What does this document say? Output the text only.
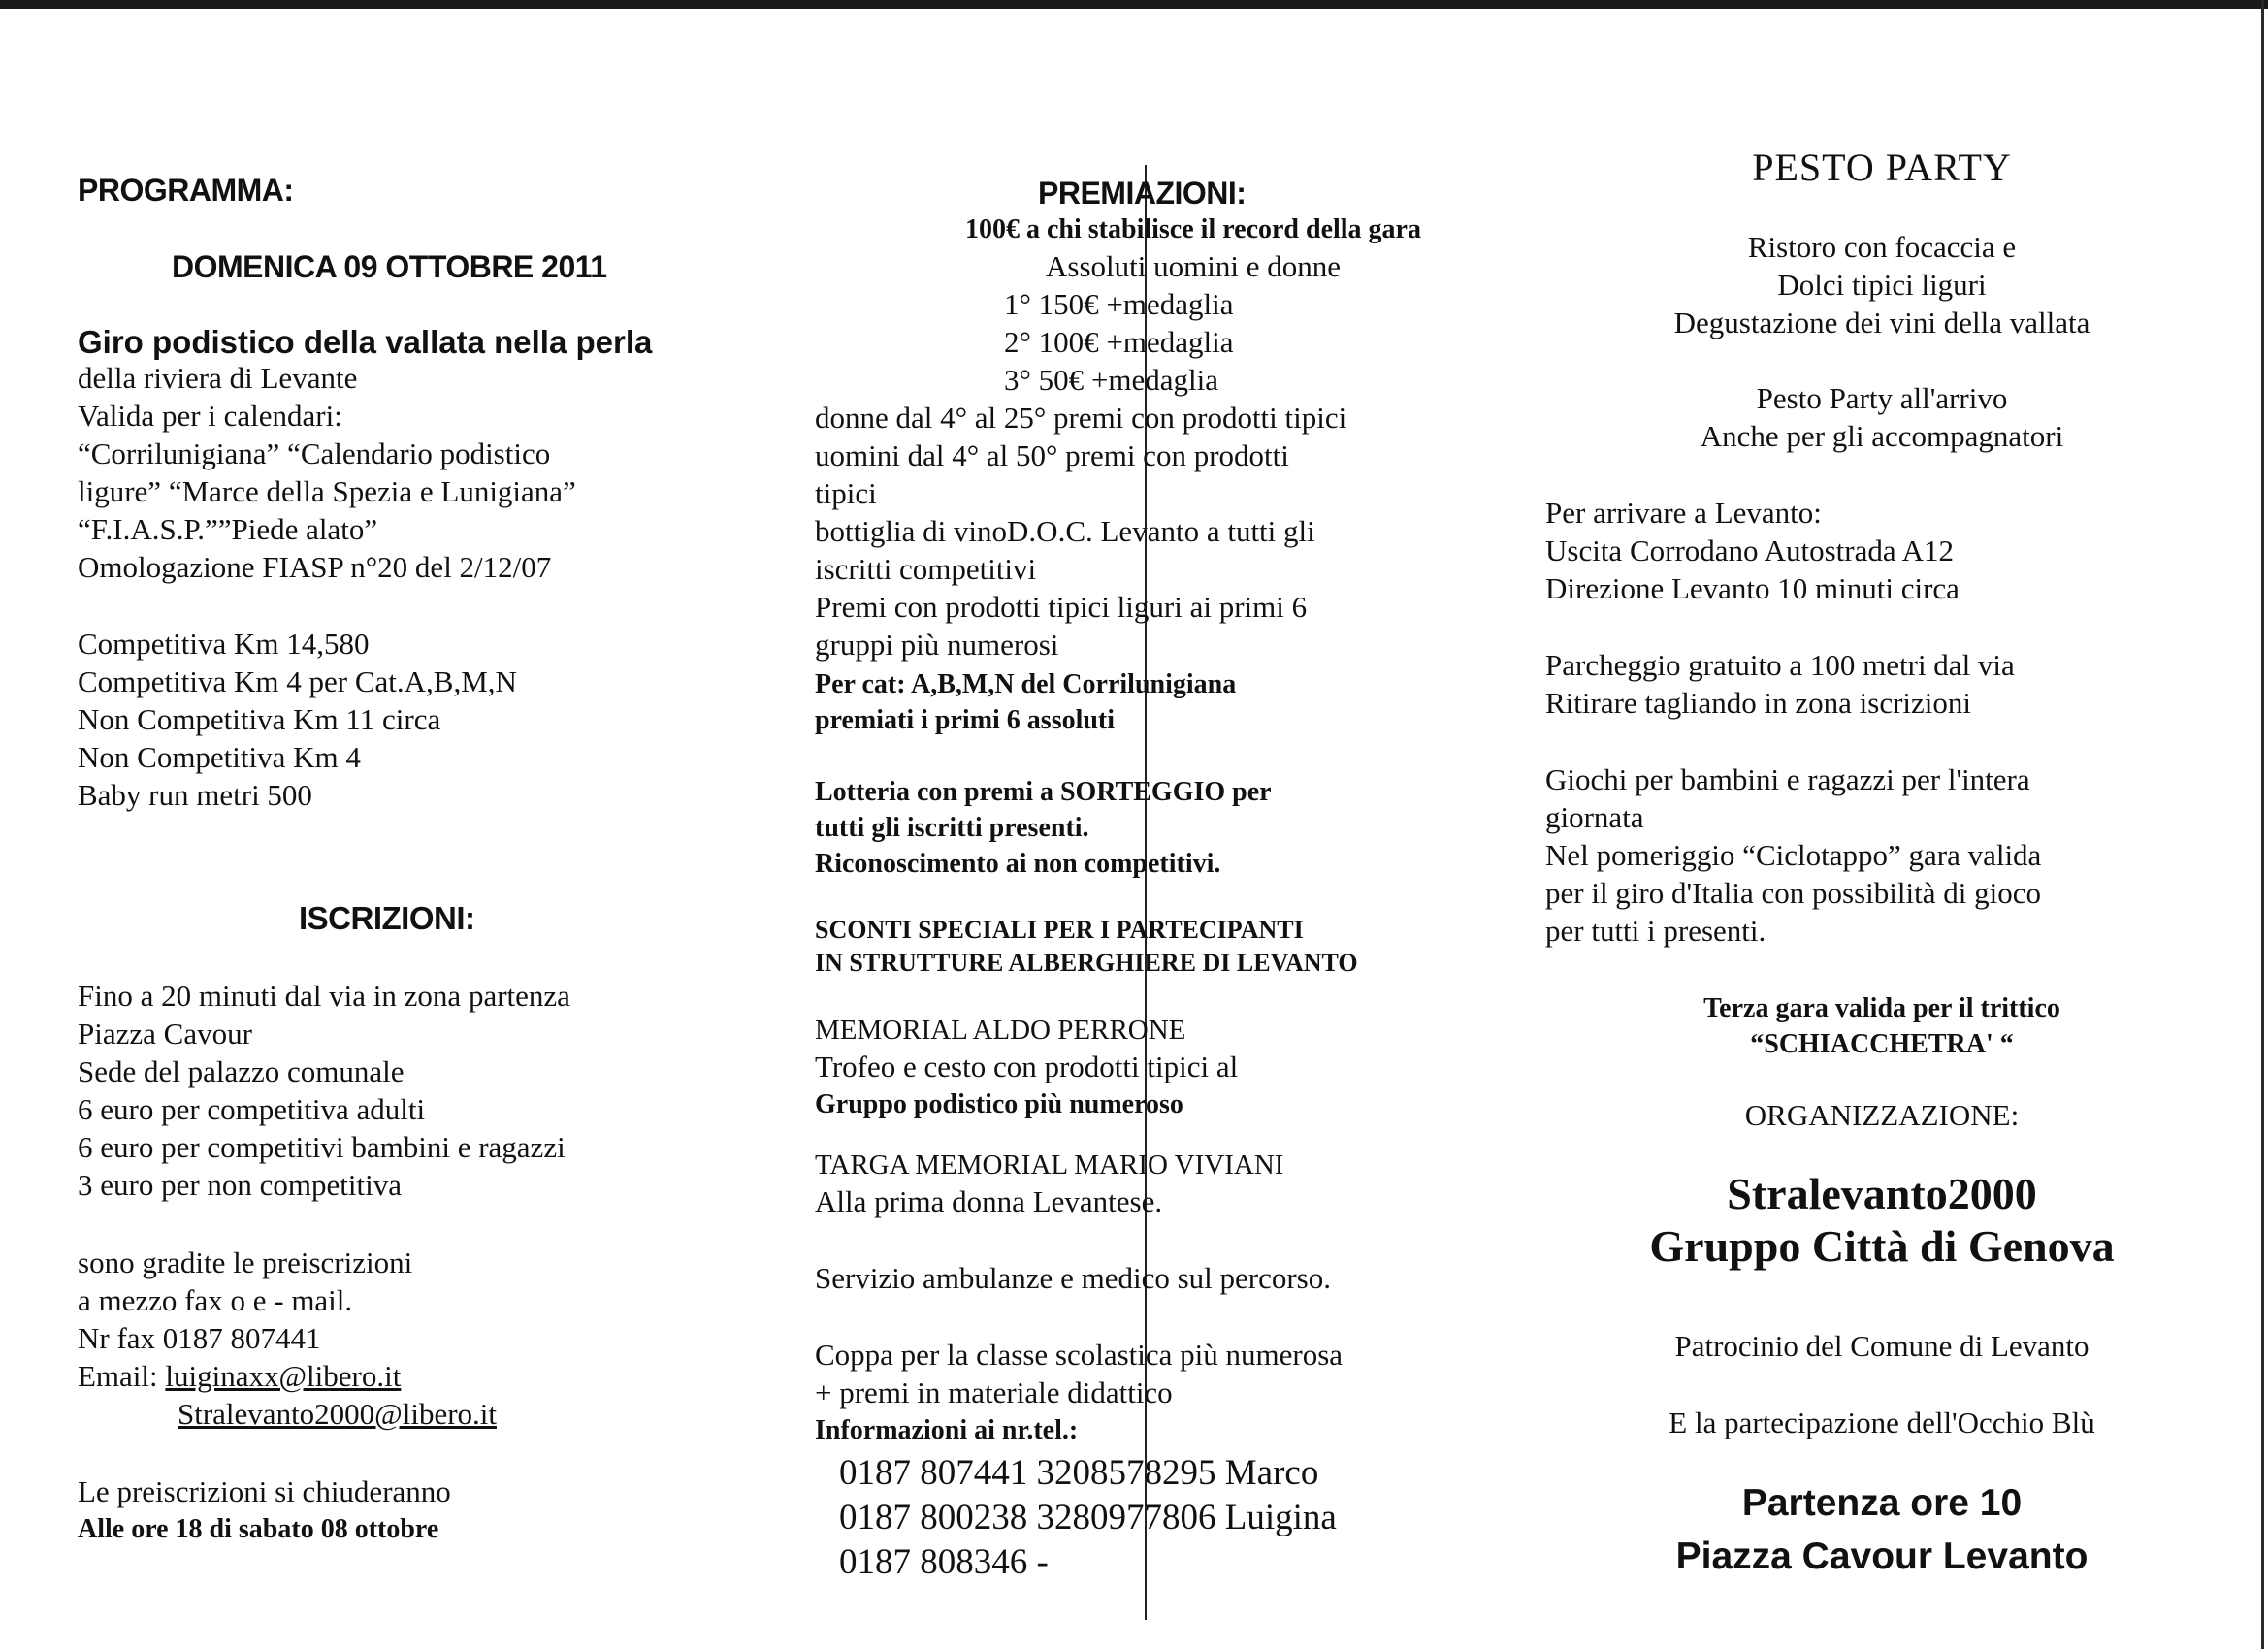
PROGRAMMA:
DOMENICA 09 OTTOBRE 2011
Giro podistico della vallata nella perla
della riviera di Levante
Valida per i calendari:
“Corrilunigiana” “Calendario podistico
ligure” “Marce della Spezia e Lunigiana”
“F.I.A.S.P.””Piede alato”
Omologazione FIASP n°20 del 2/12/07
Competitiva Km 14,580
Competitiva Km 4 per Cat.A,B,M,N
Non Competitiva Km 11 circa
Non Competitiva Km 4
Baby run metri 500
ISCRIZIONI:
Fino a 20 minuti dal via in zona partenza
Piazza Cavour
Sede del palazzo comunale
6 euro per competitiva adulti
6 euro per competitivi bambini e ragazzi
3 euro per non competitiva
sono gradite le preiscrizioni
a mezzo fax o e - mail.
Nr fax 0187 807441
Email: luiginaxx@libero.it
Stralevanto2000@libero.it
Le preiscrizioni si chiuderanno
Alle ore 18 di sabato 08 ottobre
PREMIAZIONI:
100€ a chi stabilisce il record della gara
Assoluti uomini e donne
1° 150€ +medaglia
2° 100€ +medaglia
3° 50€ +medaglia
donne dal 4° al 25° premi con prodotti tipici
uomini dal 4° al 50° premi con prodotti
tipici
bottiglia di vinoD.O.C. Levanto a tutti gli
iscritti competitivi
Premi con prodotti tipici liguri ai primi 6
gruppi più numerosi
Per cat: A,B,M,N del Corrilunigiana
premiati i primi 6 assoluti
Lotteria con premi a SORTEGGIO per
tutti gli iscritti presenti.
Riconoscimento ai non competitivi.
SCONTI SPECIALI PER I PARTECIPANTI
IN STRUTTURE ALBERGHIERE DI LEVANTO
MEMORIAL ALDO PERRONE
Trofeo e cesto con prodotti tipici al
Gruppo podistico più numeroso
TARGA MEMORIAL MARIO VIVIANI
Alla prima donna Levantese.
Servizio ambulanze e medico sul percorso.
Coppa per la classe scolastica più numerosa
+ premi in materiale didattico
Informazioni ai nr.tel.:
0187 807441 3208578295 Marco
0187 800238 3280977806 Luigina
0187 808346 -
PESTO PARTY
Ristoro con focaccia e
Dolci tipici liguri
Degustazione dei vini della vallata
Pesto Party all'arrivo
Anche per gli accompagnatori
Per arrivare a Levanto:
Uscita Corrodano Autostrada A12
Direzione Levanto 10 minuti circa
Parcheggio gratuito a 100 metri dal via
Ritirare tagliando in zona iscrizioni
Giochi per bambini e ragazzi per l'intera
giornata
Nel pomeriggio “Ciclotappo” gara valida
per il giro d'Italia con possibilità di gioco
per tutti i presenti.
Terza gara valida per il trittico
“SCHIACCHETRA' “
ORGANIZZAZIONE:
Stralevanto2000
Gruppo Città di Genova
Patrocinio del Comune di Levanto
E la partecipazione dell'Occhio Blù
Partenza ore 10
Piazza Cavour Levanto
